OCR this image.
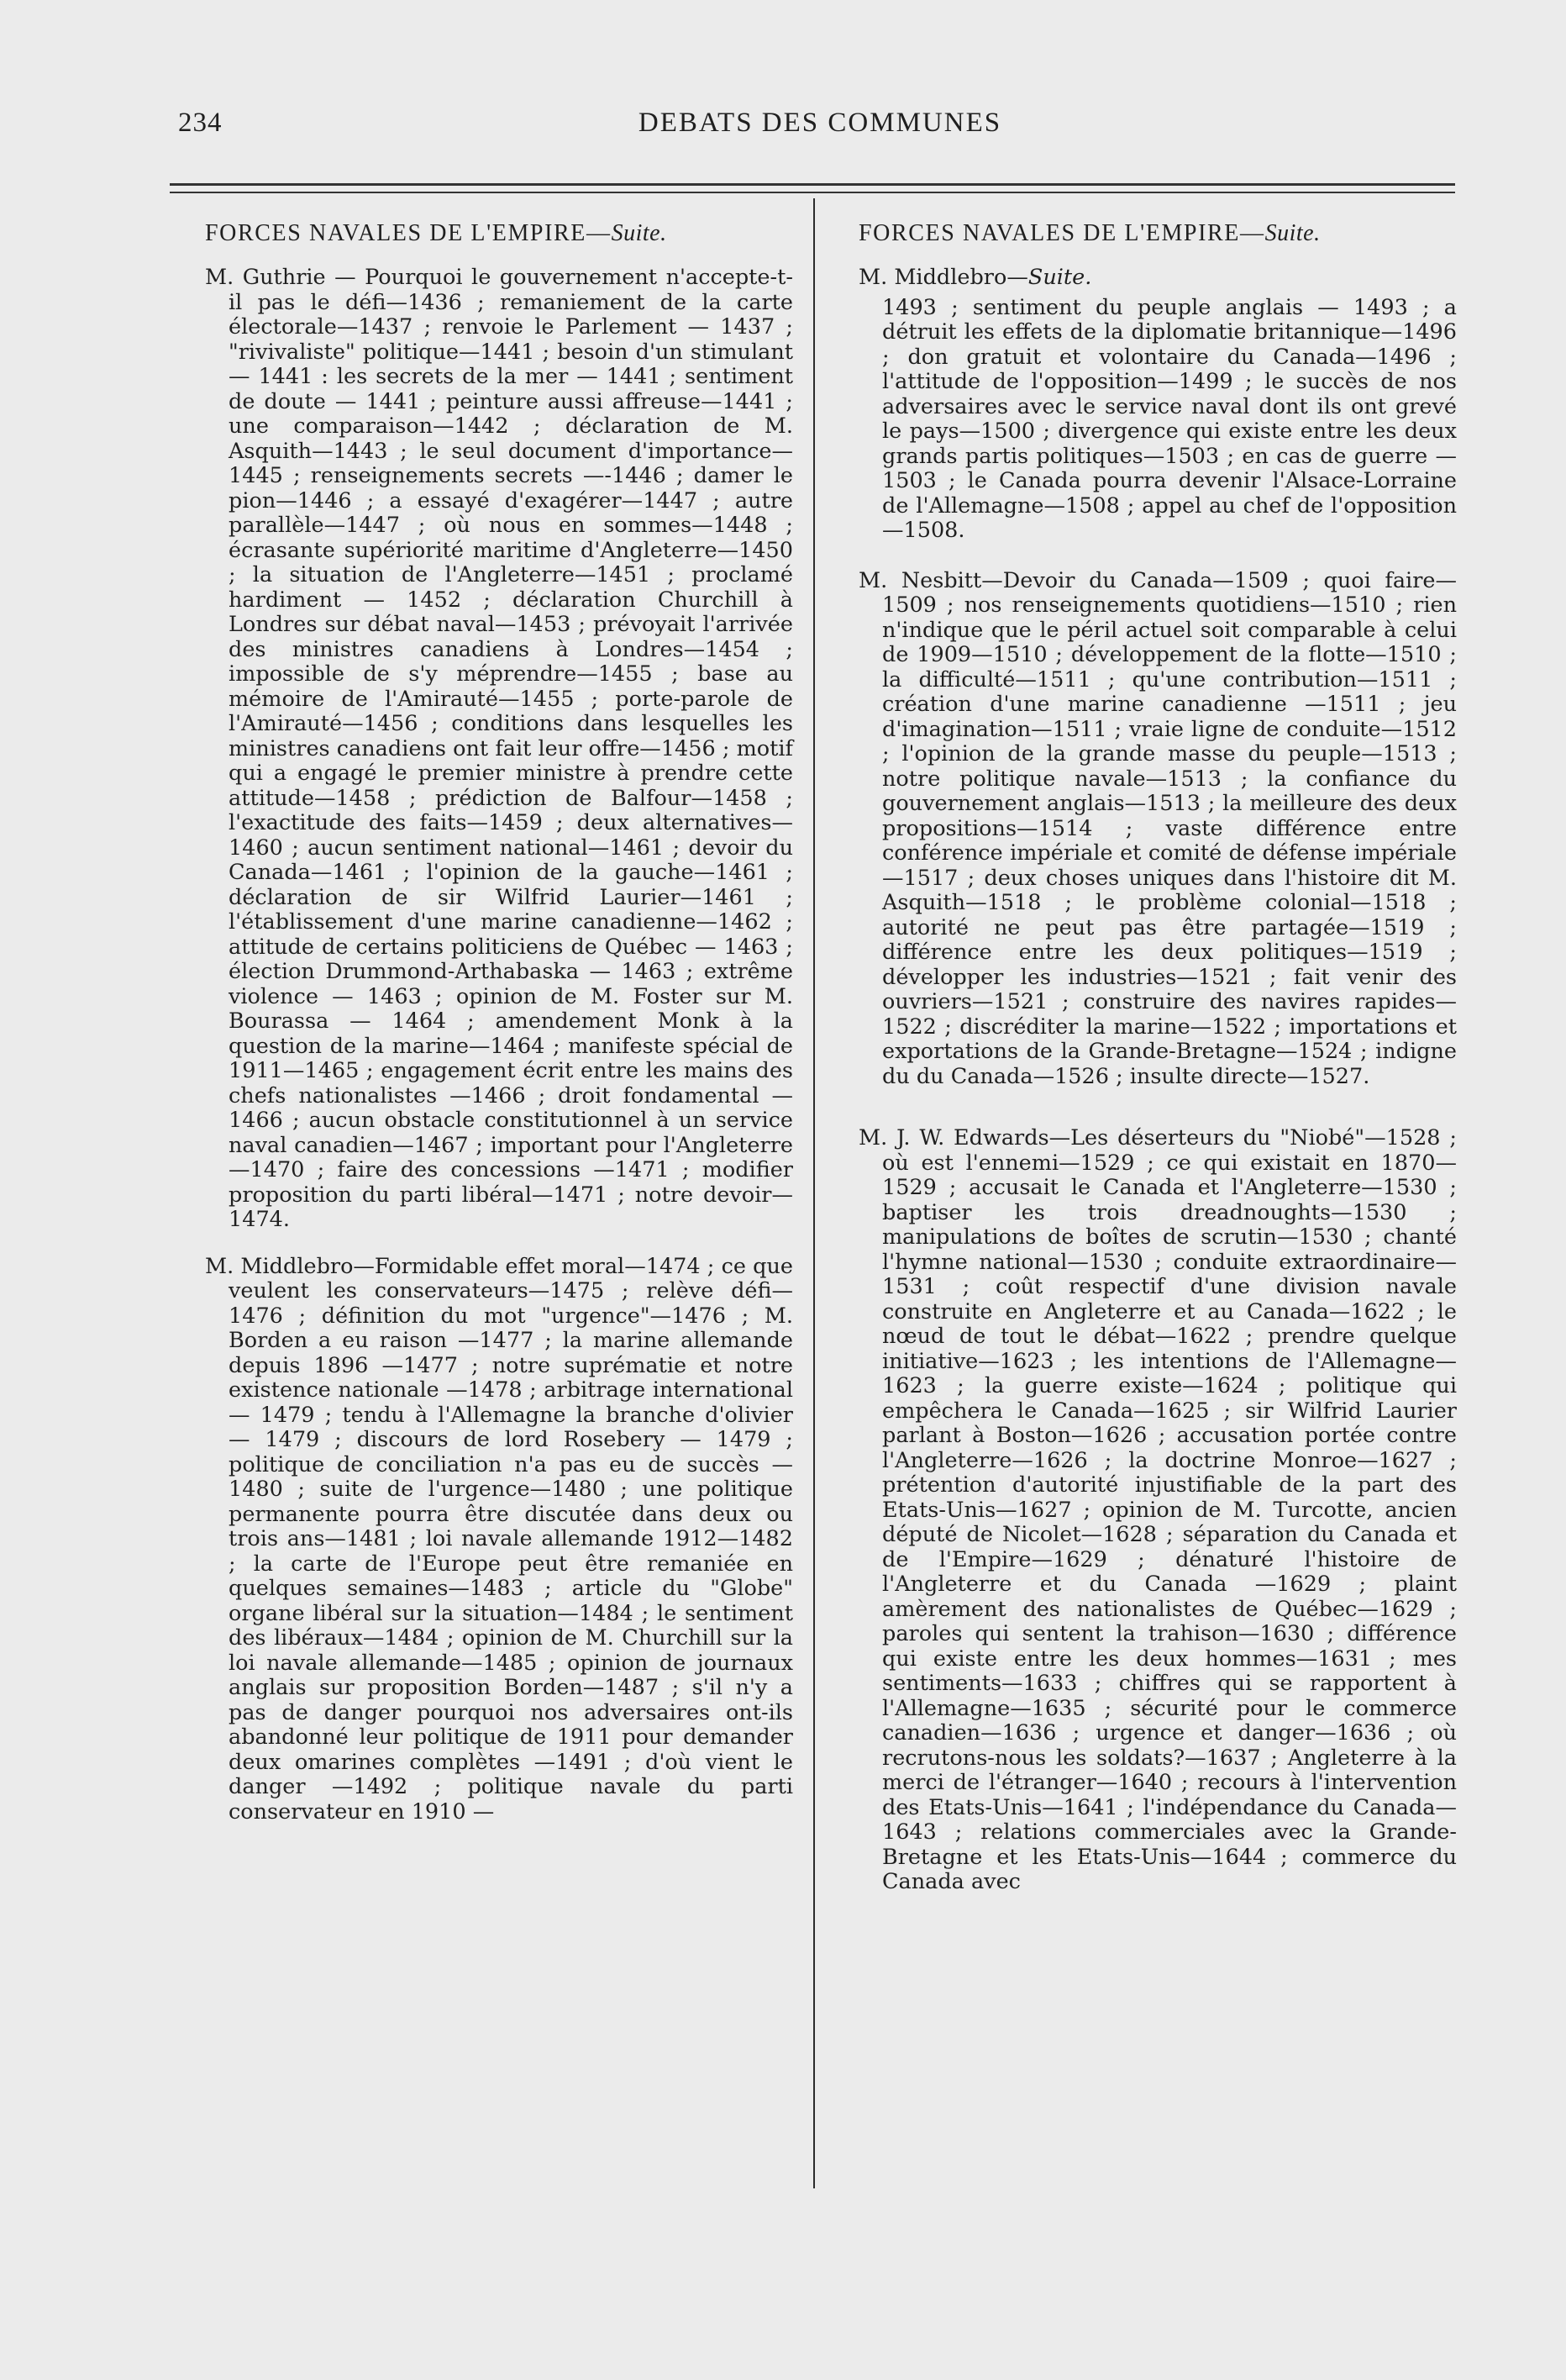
234	DEBATS DES COMMUNES
FORCES NAVALES DE L'EMPIRE—Suite.

M. Guthrie — Pourquoi le gouvernement n'accepte-t-il pas le défi—1436 ; remaniement de la carte électorale—1437 ; renvoie le Parlement — 1437 ; "rivivaliste" politique—1441 ; besoin d'un stimulant — 1441 : les secrets de la mer — 1441 ; sentiment de doute — 1441 ; peinture aussi affreuse—1441 ; une comparaison—1442 ; déclaration de M. Asquith—1443 ; le seul document d'importance—1445 ; renseignements secrets —-1446 ; damer le pion—1446 ; a essayé d'exagérer—1447 ; autre parallèle—1447 ; où nous en sommes—1448 ; écrasante supériorité maritime d'Angleterre—1450 ; la situation de l'Angleterre—1451 ; proclamé hardiment — 1452 ; déclaration Churchill à Londres sur débat naval—1453 ; prévoyait l'arrivée des ministres canadiens à Londres—1454 ; impossible de s'y méprendre—1455 ; base au mémoire de l'Amirauté—1455 ; porte-parole de l'Amirauté—1456 ; conditions dans lesquelles les ministres canadiens ont fait leur offre—1456 ; motif qui a engagé le premier ministre à prendre cette attitude—1458 ; prédiction de Balfour—1458 ; l'exactitude des faits—1459 ; deux alternatives—1460 ; aucun sentiment national—1461 ; devoir du Canada—1461 ; l'opinion de la gauche—1461 ; déclaration de sir Wilfrid Laurier—1461 ; l'établissement d'une marine canadienne—1462 ; attitude de certains politiciens de Québec — 1463 ; élection Drummond-Arthabaska — 1463 ; extrême violence — 1463 ; opinion de M. Foster sur M. Bourassa — 1464 ; amendement Monk à la question de la marine—1464 ; manifeste spécial de 1911—1465 ; engagement écrit entre les mains des chefs nationalistes —1466 ; droit fondamental — 1466 ; aucun obstacle constitutionnel à un service naval canadien—1467 ; important pour l'Angleterre—1470 ; faire des concessions —1471 ; modifier proposition du parti libéral—1471 ; notre devoir—1474.

M. Middlebro—Formidable effet moral—1474 ; ce que veulent les conservateurs—1475 ; relève défi—1476 ; définition du mot "urgence"—1476 ; M. Borden a eu raison —1477 ; la marine allemande depuis 1896 —1477 ; notre suprématie et notre existence nationale —1478 ; arbitrage international — 1479 ; tendu à l'Allemagne la branche d'olivier — 1479 ; discours de lord Rosebery — 1479 ; politique de conciliation n'a pas eu de succès — 1480 ; suite de l'urgence—1480 ; une politique permanente pourra être discutée dans deux ou trois ans—1481 ; loi navale allemande 1912—1482 ; la carte de l'Europe peut être remaniée en quelques semaines—1483 ; article du "Globe" organe libéral sur la situation—1484 ; le sentiment des libéraux—1484 ; opinion de M. Churchill sur la loi navale allemande—1485 ; opinion de journaux anglais sur proposition Borden—1487 ; s'il n'y a pas de danger pourquoi nos adversaires ont-ils abandonné leur politique de 1911 pour demander deux omarines complètes —1491 ; d'où vient le danger —1492 ; politique navale du parti conservateur en 1910 —

FORCES NAVALES DE L'EMPIRE—Suite.

M. Middlebro—Suite.

1493 ; sentiment du peuple anglais — 1493 ; a détruit les effets de la diplomatie britannique—1496 ; don gratuit et volontaire du Canada—1496 ; l'attitude de l'opposition—1499 ; le succès de nos adversaires avec le service naval dont ils ont grevé le pays—1500 ; divergence qui existe entre les deux grands partis politiques—1503 ; en cas de guerre —1503 ; le Canada pourra devenir l'Alsace-Lorraine de l'Allemagne—1508 ; appel au chef de l'opposition—1508.

M. Nesbitt—Devoir du Canada—1509 ; quoi faire—1509 ; nos renseignements quotidiens—1510 ; rien n'indique que le péril actuel soit comparable à celui de 1909—1510 ; développement de la flotte—1510 ; la difficulté—1511 ; qu'une contribution—1511 ; création d'une marine canadienne —1511 ; jeu d'imagination—1511 ; vraie ligne de conduite—1512 ; l'opinion de la grande masse du peuple—1513 ; notre politique navale—1513 ; la confiance du gouvernement anglais—1513 ; la meilleure des deux propositions—1514 ; vaste différence entre conférence impériale et comité de défense impériale—1517 ; deux choses uniques dans l'histoire dit M. Asquith—1518 ; le problème colonial—1518 ; autorité ne peut pas être partagée—1519 ; différence entre les deux politiques—1519 ; développer les industries—1521 ; fait venir des ouvriers—1521 ; construire des navires rapides—1522 ; discréditer la marine—1522 ; importations et exportations de la Grande-Bretagne—1524 ; indigne du du Canada—1526 ; insulte directe—1527.

M. J. W. Edwards—Les déserteurs du "Niobé"—1528 ; où est l'ennemi—1529 ; ce qui existait en 1870—1529 ; accusait le Canada et l'Angleterre—1530 ; baptiser les trois dreadnoughts—1530 ; manipulations de boîtes de scrutin—1530 ; chanté l'hymne national—1530 ; conduite extraordinaire—1531 ; coût respectif d'une division navale construite en Angleterre et au Canada—1622 ; le nœud de tout le débat—1622 ; prendre quelque initiative—1623 ; les intentions de l'Allemagne—1623 ; la guerre existe—1624 ; politique qui empêchera le Canada—1625 ; sir Wilfrid Laurier parlant à Boston—1626 ; accusation portée contre l'Angleterre—1626 ; la doctrine Monroe—1627 ; prétention d'autorité injustifiable de la part des Etats-Unis—1627 ; opinion de M. Turcotte, ancien député de Nicolet—1628 ; séparation du Canada et de l'Empire—1629 ; dénaturé l'histoire de l'Angleterre et du Canada —1629 ; plaint amèrement des nationalistes de Québec—1629 ; paroles qui sentent la trahison—1630 ; différence qui existe entre les deux hommes—1631 ; mes sentiments—1633 ; chiffres qui se rapportent à l'Allemagne—1635 ; sécurité pour le commerce canadien—1636 ; urgence et danger—1636 ; où recrutons-nous les soldats?—1637 ; Angleterre à la merci de l'étranger—1640 ; recours à l'intervention des Etats-Unis—1641 ; l'indépendance du Canada—1643 ; relations commerciales avec la Grande-Bretagne et les Etats-Unis—1644 ; commerce du Canada avec
